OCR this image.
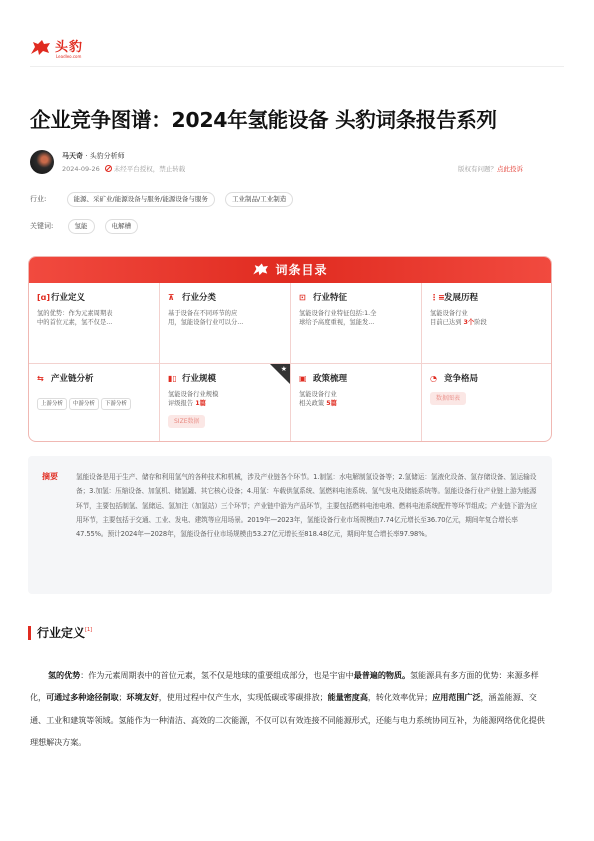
头豹
Leadleo.com
企业竞争图谱：2024年氢能设备 头豹词条报告系列
马天奇 · 头豹分析师
2024-09-26 未经平台授权，禁止转载	版权有问题？点此投诉
行业:	能源、采矿业/能源设备与服务/能源设备与服务	工业制品/工业制造
关键词:	氢能	电解槽
词条目录
[ɑ]行业定义
氢的优势：作为元素周期表
中的首位元素，氢不仅是...
⊼ 行业分类
基于设备在不同环节的应
用，氢能设备行业可以分...
⊡ 行业特征
氢能设备行业特征包括:1.全
球给予高度重视，氢能发...
⋮≡发展历程
氢能设备行业
目前已达到 3个阶段
⇆ 产业链分析
上游分析 中游分析 下游分析
★
▮▯ 行业规模
氢能设备行业规模
评级报告 1篇
SIZE数据
▣ 政策梳理
氢能设备行业
相关政策 5篇
◔ 竞争格局
数据图表
摘要	氢能设备是用于生产、储存和利用氢气的各种技术和机械，涉及产业链各个环节。1.制氢：水电解制氢设备等；2.氢储运：氢液化设备、氢存储设备、氢运输设备；3.加氢：压缩设备、加氢机、储氢罐、其它核心设备；4.用氢：车载供氢系统、氢燃料电池系统、氢气发电及储能系统等。氢能设备行业产业链上游为能源环节，主要包括制氢、氢储运、氢加注（加氢站）三个环节；产业链中游为产品环节，主要包括燃料电池电堆、燃料电池系统配件等环节组成；产业链下游为应用环节，主要包括于交通、工业、发电、建筑等应用场景。2019年—2023年，氢能设备行业市场规模由7.74亿元增长至36.70亿元，期间年复合增长率47.55%。预计2024年—2028年，氢能设备行业市场规模由53.27亿元增长至818.48亿元，期间年复合增长率97.98%。

行业定义[1]

氢的优势：作为元素周期表中的首位元素，氢不仅是地球的重要组成部分，也是宇宙中最普遍的物质。氢能源具有多方面的优势：来源多样化，可通过多种途径制取；环境友好，使用过程中仅产生水，实现低碳或零碳排放；能量密度高，转化效率优异；应用范围广泛，涵盖能源、交通、工业和建筑等领域。氢能作为一种清洁、高效的二次能源，不仅可以有效连接不同能源形式，还能与电力系统协同互补，为能源网络优化提供理想解决方案。
